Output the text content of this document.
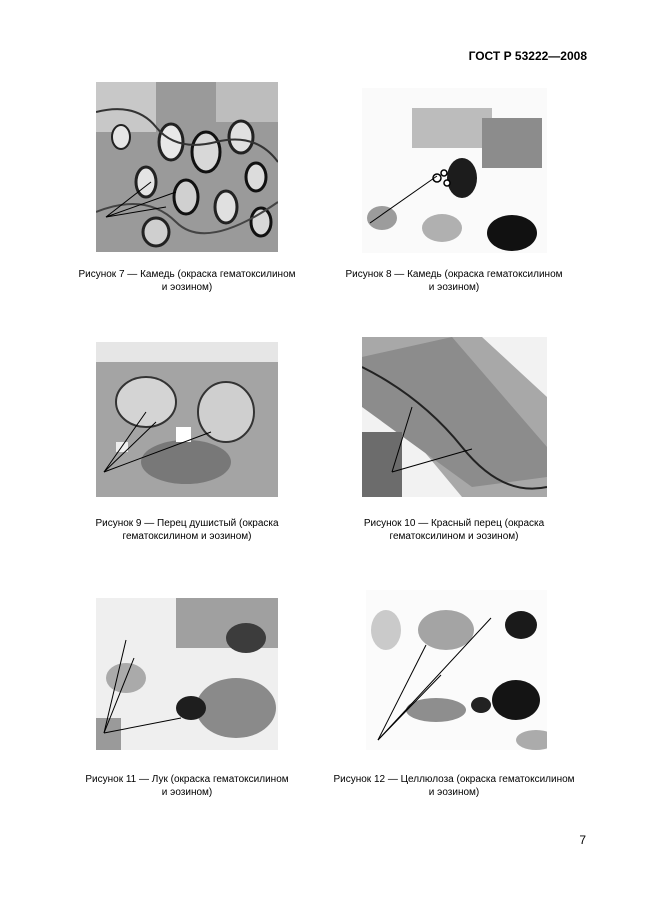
ГОСТ Р 53222—2008
Рисунок 7 — Камедь (окраска гематоксилином
и эозином)
Рисунок 8 — Камедь (окраска гематоксилином
и эозином)
Рисунок 9 — Перец душистый (окраска
гематоксилином и эозином)
Рисунок 10 — Красный перец (окраска
гематоксилином и эозином)
Рисунок 11 — Лук (окраска гематоксилином
и эозином)
Рисунок 12 — Целлюлоза (окраска гематоксилином
и эозином)
7
